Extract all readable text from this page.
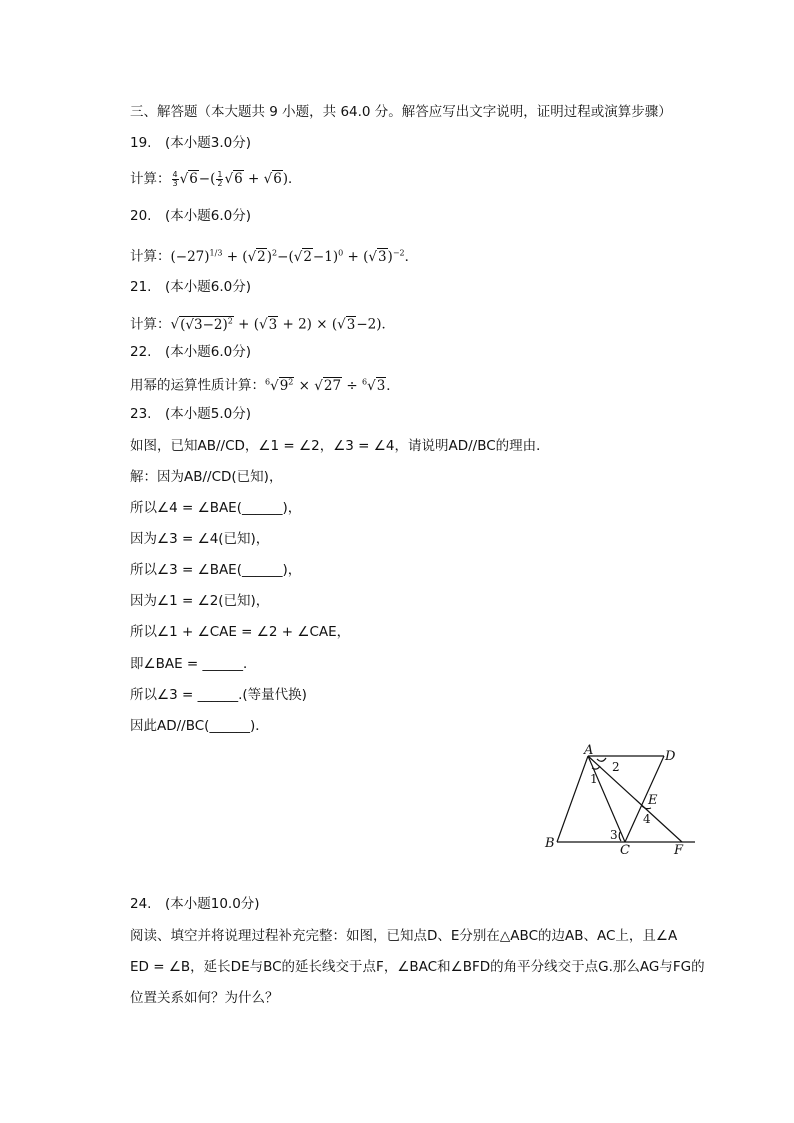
三、解答题（本大题共 9 小题，共 64.0 分。解答应写出文字说明，证明过程或演算步骤）
19.　(本小题3.0分)
计算： $\frac{4}{3} √6-( \frac{1}{2} √6 + √6)$．
20.　(本小题6.0分)
计算：$(-27)^{1/3} + (√2)^2-(√2-1)^0 + (√3)^{-2}$．
21.　(本小题6.0分)
计算：$√(√3-2)^2 + (√3 + 2) \times (√3-2)$．
22.　(本小题6.0分)
用幂的运算性质计算：$^6√9^2 \times √27 \div ^6√3$．
23.　(本小题5.0分)
如图，已知AB//CD，∠1 = ∠2，∠3 = ∠4，请说明AD//BC的理由．
解：因为AB//CD(已知)，
所以∠4 = ∠BAE(______)，
因为∠3 = ∠4(已知)，
所以∠3 = ∠BAE(______)，
因为∠1 = ∠2(已知)，
所以∠1 + ∠CAE = ∠2 + ∠CAE，
即∠BAE = ______．
所以∠3 = ______.(等量代换)
因此AD//BC(______)．
A	D
B	C	F
E
1
2
3
4
24.　(本小题10.0分)
阅读、填空并将说理过程补充完整：如图，已知点D、E分别在△ABC的边AB、AC上，且∠A
ED = ∠B，延长DE与BC的延长线交于点F，∠BAC和∠BFD的角平分线交于点G.那么AG与FG的
位置关系如何？为什么？
